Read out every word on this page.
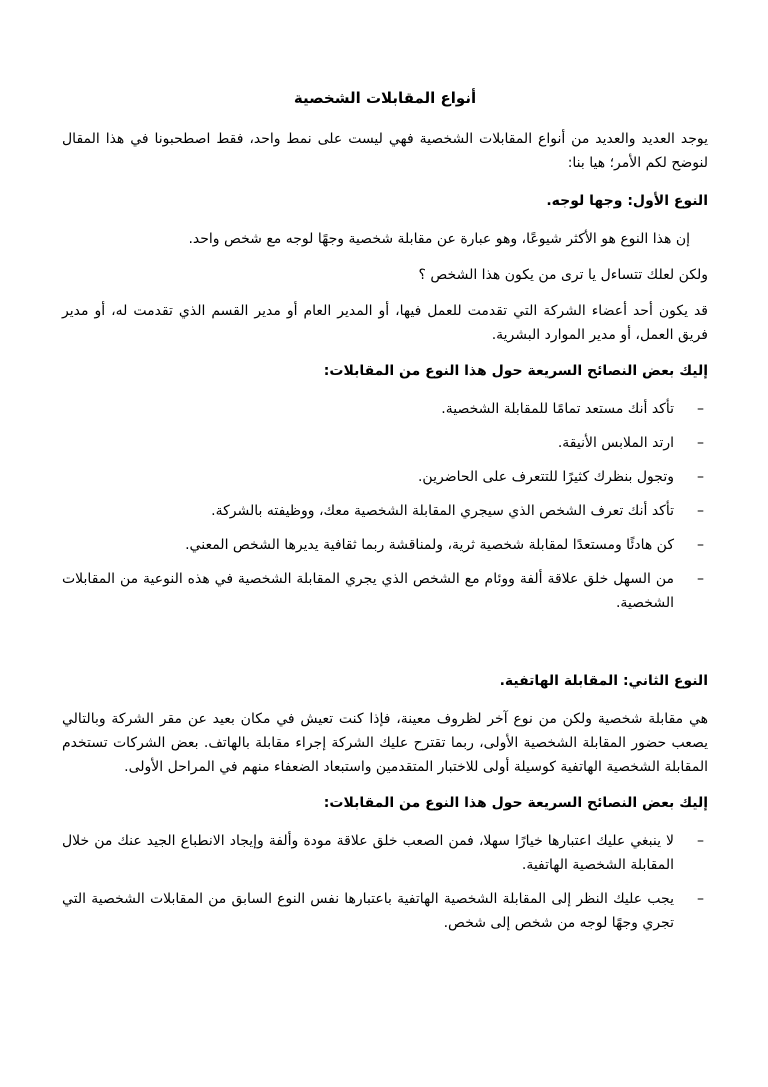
أنواع المقابلات الشخصية

يوجد العديد والعديد من أنواع المقابلات الشخصية فهي ليست على نمط واحد، فقط اصطحبونا في هذا المقال لنوضح لكم الأمر؛ هيا بنا:

النوع الأول: وجها لوجه.

إن هذا النوع هو الأكثر شيوعًا، وهو عبارة عن مقابلة شخصية وجهًا لوجه مع شخص واحد.

ولكن لعلك تتساءل يا ترى من يكون هذا الشخص ؟

قد يكون أحد أعضاء الشركة التي تقدمت للعمل فيها، أو المدير العام أو مدير القسم الذي تقدمت له، أو مدير فريق العمل، أو مدير الموارد البشرية.

إليك بعض النصائح السريعة حول هذا النوع من المقابلات:
–
تأكد أنك مستعد تمامًا للمقابلة الشخصية.
–
ارتد الملابس الأنيقة.
–
وتجول بنظرك كثيرًا للتتعرف على الحاضرين.
–
تأكد أنك تعرف الشخص الذي سيجري المقابلة الشخصية معك، ووظيفته بالشركة.
–
كن هادئًا ومستعدًا لمقابلة شخصية ثرية، ولمناقشة ربما ثقافية يديرها الشخص المعني.
–
من السهل خلق علاقة ألفة ووئام مع الشخص الذي يجري المقابلة الشخصية في هذه النوعية من المقابلات الشخصية.
النوع الثاني: المقابلة الهاتفية.

هي مقابلة شخصية ولكن من نوع آخر لظروف معينة، فإذا كنت تعيش في مكان بعيد عن مقر الشركة وبالتالي يصعب حضور المقابلة الشخصية الأولى، ربما تقترح عليك الشركة إجراء مقابلة بالهاتف. بعض الشركات تستخدم المقابلة الشخصية الهاتفية كوسيلة أولى للاختبار المتقدمين واستبعاد الضعفاء منهم في المراحل الأولى.

إليك بعض النصائح السريعة حول هذا النوع من المقابلات:
–
لا ينبغي عليك اعتبارها خيارًا سهلا، فمن الصعب خلق علاقة مودة وألفة وإيجاد الانطباع الجيد عنك من خلال المقابلة الشخصية الهاتفية.
–
يجب عليك النظر إلى المقابلة الشخصية الهاتفية باعتبارها نفس النوع السابق من المقابلات الشخصية التي تجري وجهًا لوجه من شخص إلى شخص.
